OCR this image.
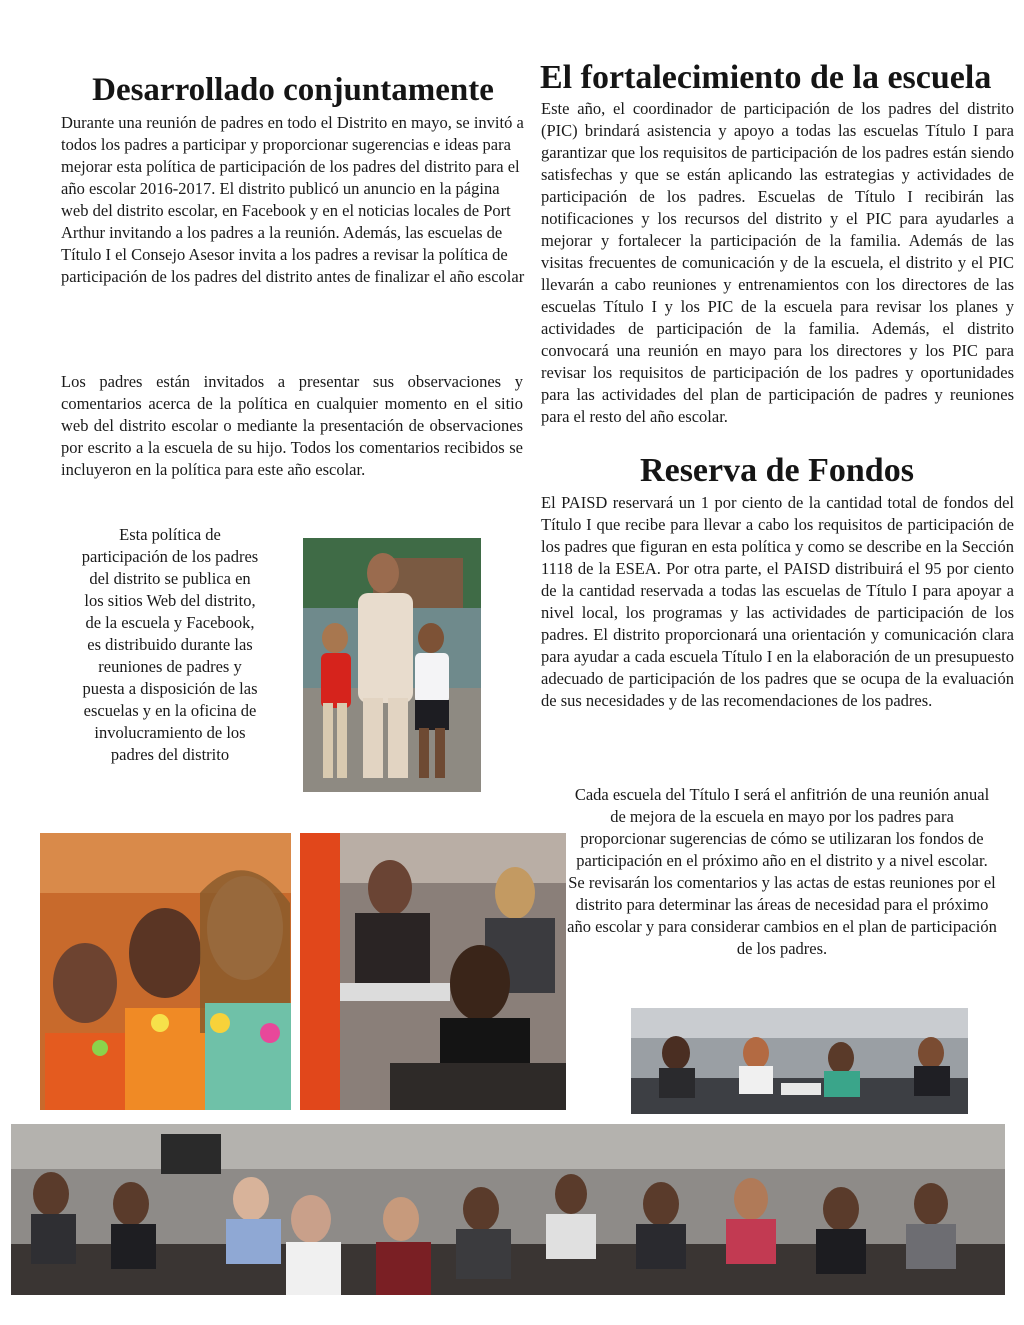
Desarrollado conjuntamente

Durante una reunión de padres en todo el Distrito en mayo, se invitó a todos los padres a participar y proporcionar sugerencias e ideas para mejorar esta política de participación de los padres del distrito para el año escolar 2016-2017. El distrito publicó un anuncio en la página web del distrito escolar, en Facebook y en el noticias locales de Port Arthur invitando a los padres a la reunión. Además, las escuelas de Título I el Consejo Asesor invita a los padres a revisar la política de participación de los padres del distrito antes de finalizar el año escolar

Los padres están invitados a presentar sus observaciones y comentarios acerca de la política en cualquier momento en el sitio web del distrito escolar o mediante la presentación de observaciones por escrito a la escuela de su hijo. Todos los comentarios recibidos se incluyeron en la política para este año escolar.

Esta política de participación de los padres del distrito se publica en los sitios Web del distrito, de la escuela y Facebook, es distribuido durante las reuniones de padres y puesta a disposición de las escuelas y en la oficina de involucramiento de los padres del distrito

El fortalecimiento de la escuela

Este año, el coordinador de participación de los padres del distrito (PIC) brindará asistencia y apoyo a todas las escuelas Título I para garantizar que los requisitos de participación de los padres están siendo satisfechas y que se están aplicando las estrategias y actividades de participación de los padres. Escuelas de Título I recibirán las notificaciones y los recursos del distrito y el PIC para ayudarles a mejorar y fortalecer la participación de la familia. Además de las visitas frecuentes de comunicación y de la escuela, el distrito y el PIC llevarán a cabo reuniones y entrenamientos con los directores de las escuelas Título I y los PIC de la escuela para revisar los planes y actividades de participación de la familia. Además, el distrito convocará una reunión en mayo para los directores y los PIC para revisar los requisitos de participación de los padres y oportunidades para las actividades del plan de participación de padres y reuniones para el resto del año escolar.

Reserva de Fondos

El PAISD reservará un 1 por ciento de la cantidad total de fondos del Título I que recibe para llevar a cabo los requisitos de participación de los padres que figuran en esta política y como se describe en la Sección 1118 de la ESEA. Por otra parte, el PAISD distribuirá el 95 por ciento de la cantidad reservada a todas las escuelas de Título I para apoyar a nivel local, los programas y las actividades de participación de los padres. El distrito proporcionará una orientación y comunicación clara para ayudar a cada escuela Título I en la elaboración de un presupuesto adecuado de participación de los padres que se ocupa de la evaluación de sus necesidades y de las recomendaciones de los padres.

Cada escuela del Título I será el anfitrión de una reunión anual de mejora de la escuela en mayo por los padres para proporcionar sugerencias de cómo se utilizaran los fondos de participación en el próximo año en el distrito y a nivel escolar. Se revisarán los comentarios y las actas de estas reuniones por el distrito para determinar las áreas de necesidad para el próximo año escolar y para considerar cambios en el plan de participación de los padres.
